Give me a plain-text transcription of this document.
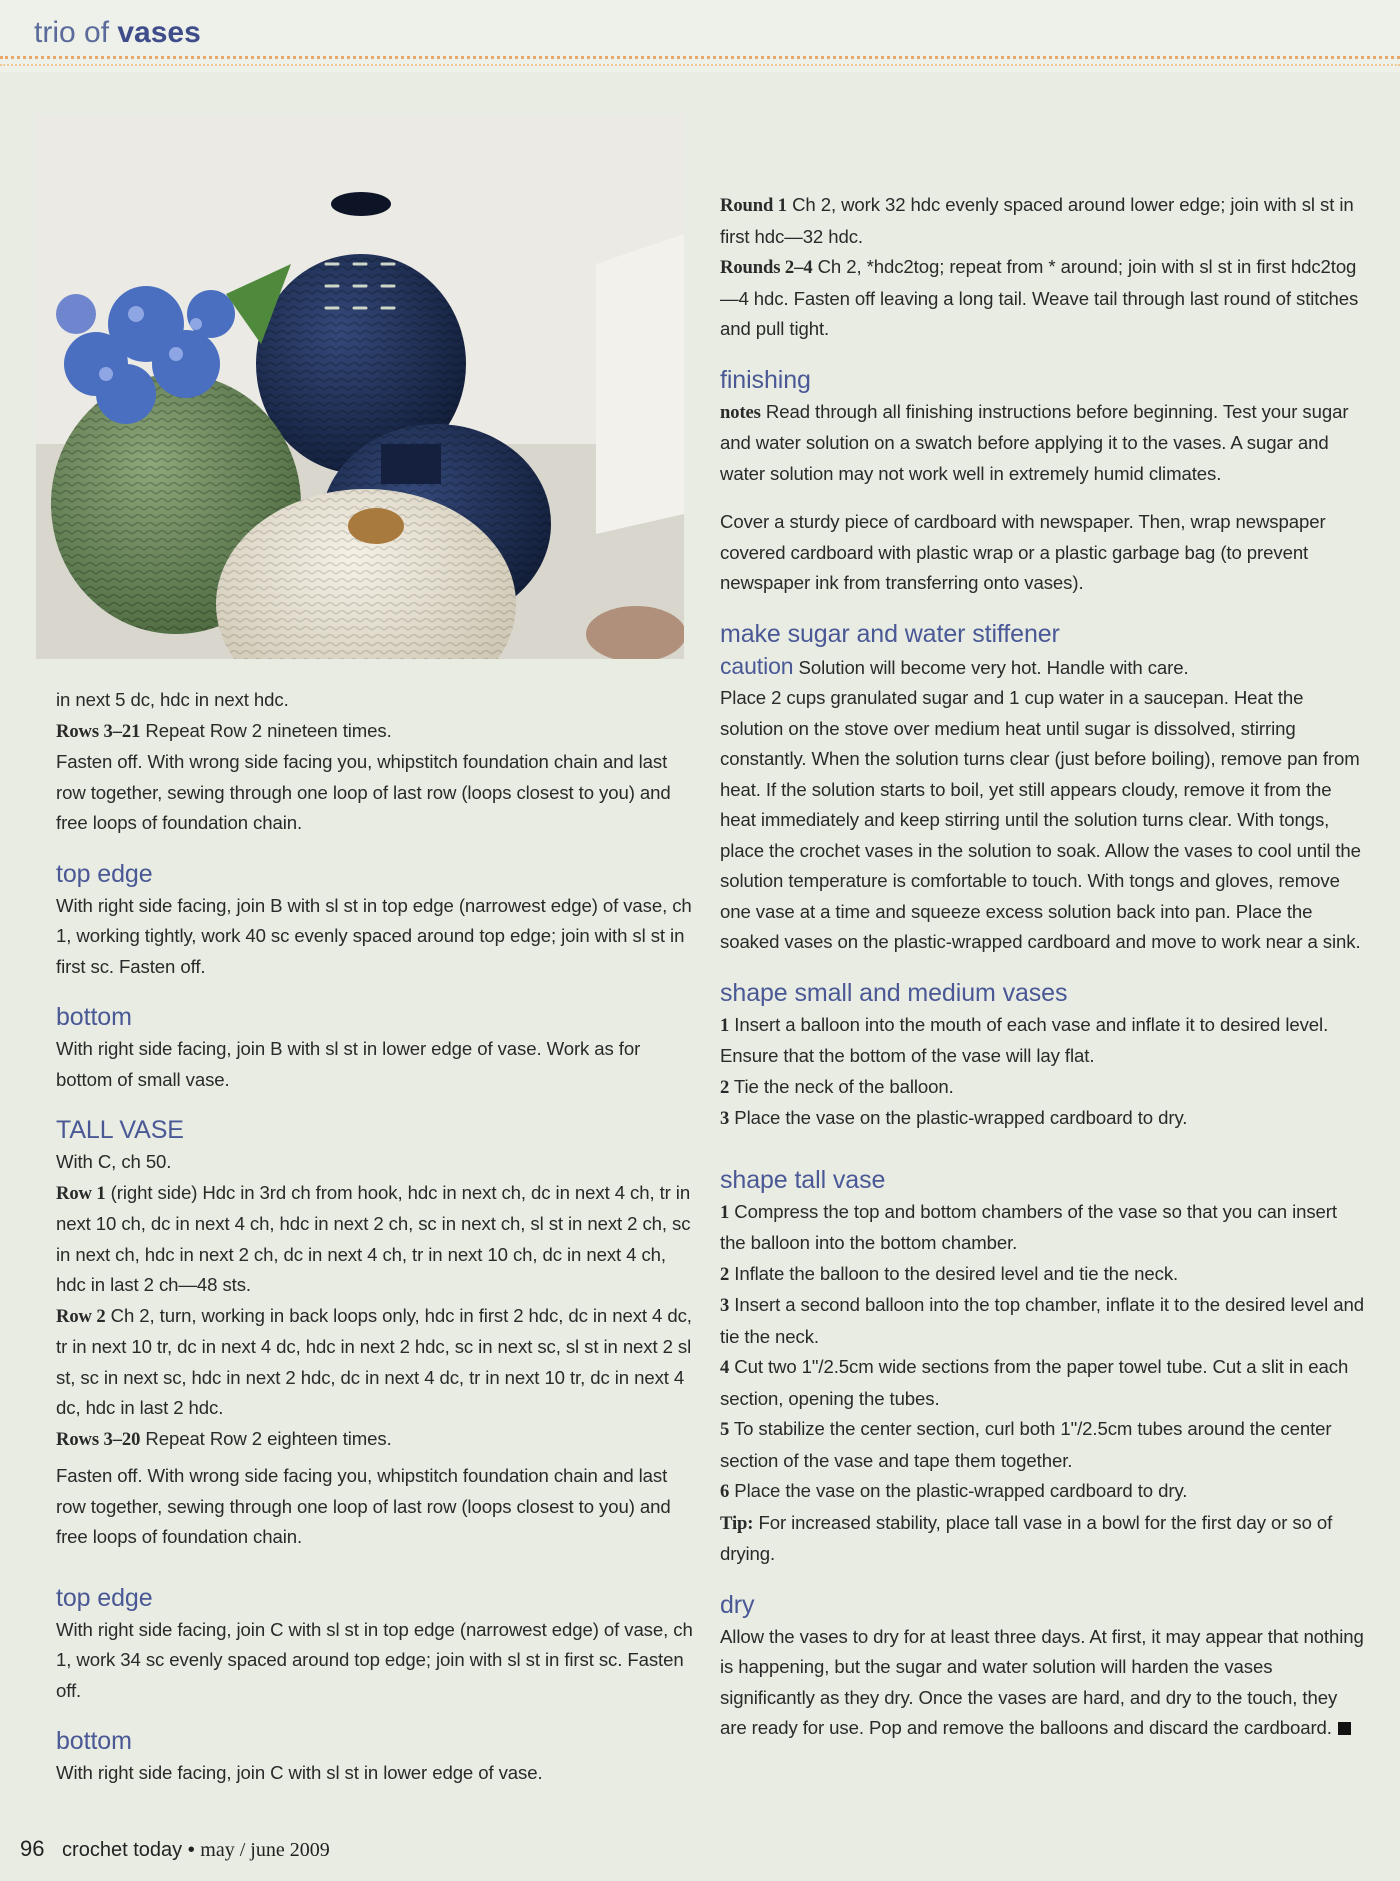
trio of vases

in next 5 dc, hdc in next hdc.

Rows 3–21 Repeat Row 2 nineteen times.

Fasten off. With wrong side facing you, whipstitch foundation chain and last row together, sewing through one loop of last row (loops closest to you) and free loops of foundation chain.

top edge

With right side facing, join B with sl st in top edge (narrowest edge) of vase, ch 1, working tightly, work 40 sc evenly spaced around top edge; join with sl st in first sc. Fasten off.

bottom

With right side facing, join B with sl st in lower edge of vase. Work as for bottom of small vase.

TALL VASE

With C, ch 50.

Row 1 (right side) Hdc in 3rd ch from hook, hdc in next ch, dc in next 4 ch, tr in next 10 ch, dc in next 4 ch, hdc in next 2 ch, sc in next ch, sl st in next 2 ch, sc in next ch, hdc in next 2 ch, dc in next 4 ch, tr in next 10 ch, dc in next 4 ch, hdc in last 2 ch—48 sts.

Row 2 Ch 2, turn, working in back loops only, hdc in first 2 hdc, dc in next 4 dc, tr in next 10 tr, dc in next 4 dc, hdc in next 2 hdc, sc in next sc, sl st in next 2 sl st, sc in next sc, hdc in next 2 hdc, dc in next 4 dc, tr in next 10 tr, dc in next 4 dc, hdc in last 2 hdc.

Rows 3–20 Repeat Row 2 eighteen times.

Fasten off. With wrong side facing you, whipstitch foundation chain and last row together, sewing through one loop of last row (loops closest to you) and free loops of foundation chain.

top edge

With right side facing, join C with sl st in top edge (narrowest edge) of vase, ch 1, work 34 sc evenly spaced around top edge; join with sl st in first sc. Fasten off.

bottom

With right side facing, join C with sl st in lower edge of vase.

Round 1 Ch 2, work 32 hdc evenly spaced around lower edge; join with sl st in first hdc—32 hdc.

Rounds 2–4 Ch 2, *hdc2tog; repeat from * around; join with sl st in first hdc2tog—4 hdc. Fasten off leaving a long tail. Weave tail through last round of stitches and pull tight.

finishing

notes Read through all finishing instructions before beginning. Test your sugar and water solution on a swatch before applying it to the vases. A sugar and water solution may not work well in extremely humid climates.

Cover a sturdy piece of cardboard with newspaper. Then, wrap newspaper covered cardboard with plastic wrap or a plastic garbage bag (to prevent newspaper ink from transferring onto vases).

make sugar and water stiffener

caution Solution will become very hot. Handle with care.

Place 2 cups granulated sugar and 1 cup water in a saucepan. Heat the solution on the stove over medium heat until sugar is dissolved, stirring constantly. When the solution turns clear (just before boiling), remove pan from heat. If the solution starts to boil, yet still appears cloudy, remove it from the heat immediately and keep stirring until the solution turns clear. With tongs, place the crochet vases in the solution to soak. Allow the vases to cool until the solution temperature is comfortable to touch. With tongs and gloves, remove one vase at a time and squeeze excess solution back into pan. Place the soaked vases on the plastic-wrapped cardboard and move to work near a sink.

shape small and medium vases

1 Insert a balloon into the mouth of each vase and inflate it to desired level. Ensure that the bottom of the vase will lay flat.

2 Tie the neck of the balloon.

3 Place the vase on the plastic-wrapped cardboard to dry.

shape tall vase

1 Compress the top and bottom chambers of the vase so that you can insert the balloon into the bottom chamber.

2 Inflate the balloon to the desired level and tie the neck.

3 Insert a second balloon into the top chamber, inflate it to the desired level and tie the neck.

4 Cut two 1"/2.5cm wide sections from the paper towel tube. Cut a slit in each section, opening the tubes.

5 To stabilize the center section, curl both 1"/2.5cm tubes around the center section of the vase and tape them together.

6 Place the vase on the plastic-wrapped cardboard to dry.

Tip: For increased stability, place tall vase in a bowl for the first day or so of drying.

dry

Allow the vases to dry for at least three days. At first, it may appear that nothing is happening, but the sugar and water solution will harden the vases significantly as they dry. Once the vases are hard, and dry to the touch, they are ready for use. Pop and remove the balloons and discard the cardboard.

96 crochet today • may / june 2009
